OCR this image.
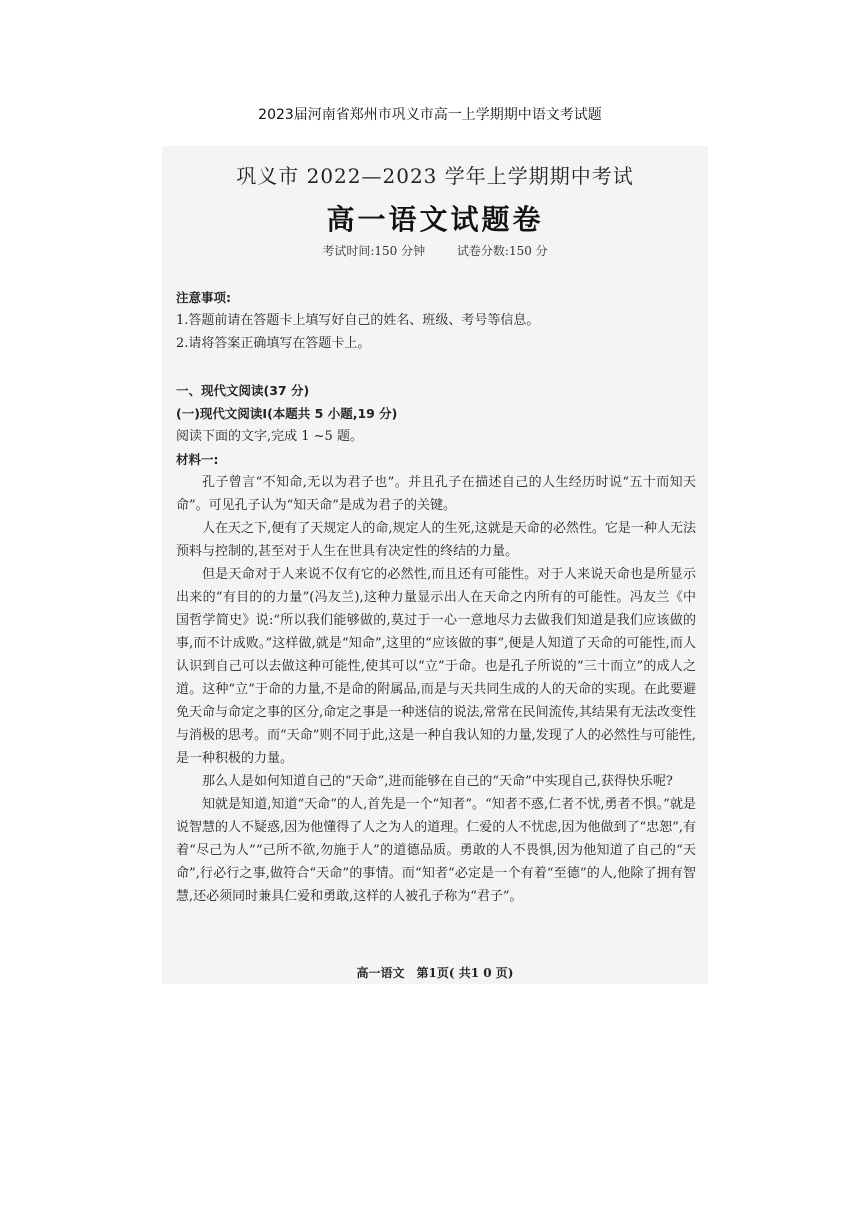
2023届河南省郑州市巩义市高一上学期期中语文考试题
巩义市 2022—2023 学年上学期期中考试
高一语文试题卷
考试时间:150 分钟	试卷分数:150 分

注意事项:

1.答题前请在答题卡上填写好自己的姓名、班级、考号等信息。

2.请将答案正确填写在答题卡上。

一、现代文阅读(37 分)

(一)现代文阅读Ⅰ(本题共 5 小题,19 分)

阅读下面的文字,完成 1 ~5 题。

材料一:

孔子曾言“不知命,无以为君子也”。并且孔子在描述自己的人生经历时说“五十而知天命”。可见孔子认为“知天命”是成为君子的关键。

人在天之下,便有了天规定人的命,规定人的生死,这就是天命的必然性。它是一种人无法预料与控制的,甚至对于人生在世具有决定性的终结的力量。

但是天命对于人来说不仅有它的必然性,而且还有可能性。对于人来说天命也是所显示出来的“有目的的力量”(冯友兰),这种力量显示出人在天命之内所有的可能性。冯友兰《中国哲学简史》说:“所以我们能够做的,莫过于一心一意地尽力去做我们知道是我们应该做的事,而不计成败。”这样做,就是“知命”,这里的“应该做的事”,便是人知道了天命的可能性,而人认识到自己可以去做这种可能性,使其可以“立”于命。也是孔子所说的“三十而立”的成人之道。这种“立”于命的力量,不是命的附属品,而是与天共同生成的人的天命的实现。在此要避免天命与命定之事的区分,命定之事是一种迷信的说法,常常在民间流传,其结果有无法改变性与消极的思考。而“天命”则不同于此,这是一种自我认知的力量,发现了人的必然性与可能性,是一种积极的力量。

那么人是如何知道自己的“天命”,进而能够在自己的“天命”中实现自己,获得快乐呢?

知就是知道,知道“天命”的人,首先是一个“知者”。“知者不惑,仁者不忧,勇者不惧。”就是说智慧的人不疑惑,因为他懂得了人之为人的道理。仁爱的人不忧虑,因为他做到了“忠恕”,有着“尽己为人”“己所不欲,勿施于人”的道德品质。勇敢的人不畏惧,因为他知道了自己的“天命”,行必行之事,做符合“天命”的事情。而“知者”必定是一个有着“至德”的人,他除了拥有智慧,还必须同时兼具仁爱和勇敢,这样的人被孔子称为“君子”。

高一语文　第1页( 共1 0 页)
